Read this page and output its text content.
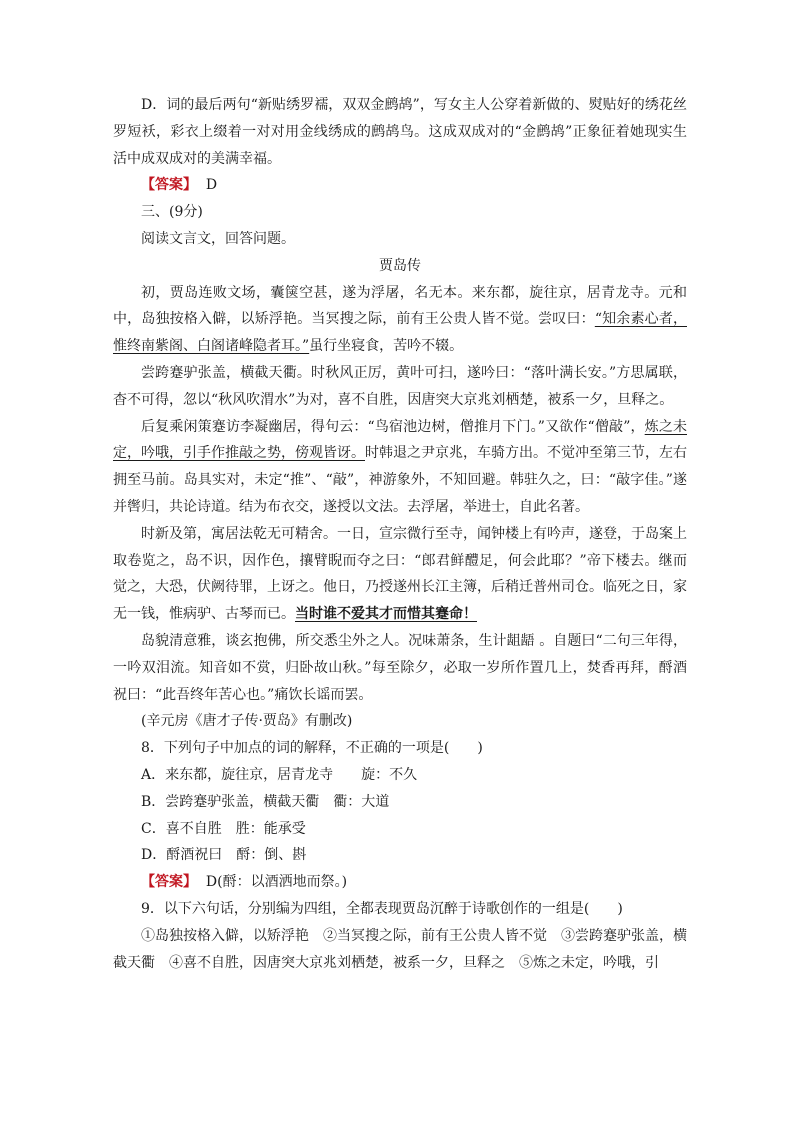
D．词的最后两句“新贴绣罗襦，双双金鹧鸪”，写女主人公穿着新做的、熨贴好的绣花丝罗短袄，彩衣上缀着一对对用金线绣成的鹧鸪鸟。这成双成对的“金鹧鸪”正象征着她现实生活中成双成对的美满幸福。

【答案】 D

三、(9分)

阅读文言文，回答问题。

贾岛传

初，贾岛连败文场，囊箧空甚，遂为浮屠，名无本。来东都，旋往京，居青龙寺。元和中，岛独按格入僻，以矫浮艳。当冥搜之际，前有王公贵人皆不觉。尝叹曰：“知余素心者，惟终南紫阁、白阁诸峰隐者耳。”虽行坐寝食，苦吟不辍。

尝跨蹇驴张盖，横截天衢。时秋风正厉，黄叶可扫，遂吟曰：“落叶满长安。”方思属联，杳不可得，忽以“秋风吹渭水”为对，喜不自胜，因唐突大京兆刘栖楚，被系一夕，旦释之。

后复乘闲策蹇访李凝幽居，得句云：“鸟宿池边树，僧推月下门。”又欲作“僧敲”，炼之未定，吟哦，引手作推敲之势，傍观皆讶。时韩退之尹京兆，车骑方出。不觉冲至第三节，左右拥至马前。岛具实对，未定“推”、“敲”，神游象外，不知回避。韩驻久之，曰：“敲字佳。”遂并辔归，共论诗道。结为布衣交，遂授以文法。去浮屠，举进士，自此名著。

时新及第，寓居法乾无可精舍。一日，宣宗微行至寺，闻钟楼上有吟声，遂登，于岛案上取卷览之，岛不识，因作色，攘臂睨而夺之曰：“郎君鲜醴足，何会此耶？”帝下楼去。继而觉之，大恐，伏阙待罪，上讶之。他日，乃授遂州长江主簿，后稍迁普州司仓。临死之日，家无一钱，惟病驴、古琴而已。当时谁不爱其才而惜其蹇命！

岛貌清意雅，谈玄抱佛，所交悉尘外之人。况味萧条，生计龃龉 。自题曰“二句三年得，一吟双泪流。知音如不赏，归卧故山秋。”每至除夕，必取一岁所作置几上，焚香再拜，酹酒祝曰：“此吾终年苦心也。”痛饮长谣而罢。

(辛元房《唐才子传·贾岛》有删改)

8．下列句子中加点的词的解释，不正确的一项是(　　)

A．来东都，旋往京，居青龙寺　　旋：不久

B．尝跨蹇驴张盖，横截天衢　衢：大道

C．喜不自胜　胜：能承受

D．酹酒祝曰　酹：倒、斟

【答案】 D(酹：以酒洒地而祭。)

9．以下六句话，分别编为四组，全都表现贾岛沉醉于诗歌创作的一组是(　　)

①岛独按格入僻，以矫浮艳　②当冥搜之际，前有王公贵人皆不觉　③尝跨蹇驴张盖，横截天衢　④喜不自胜，因唐突大京兆刘栖楚，被系一夕，旦释之　⑤炼之未定，吟哦，引
